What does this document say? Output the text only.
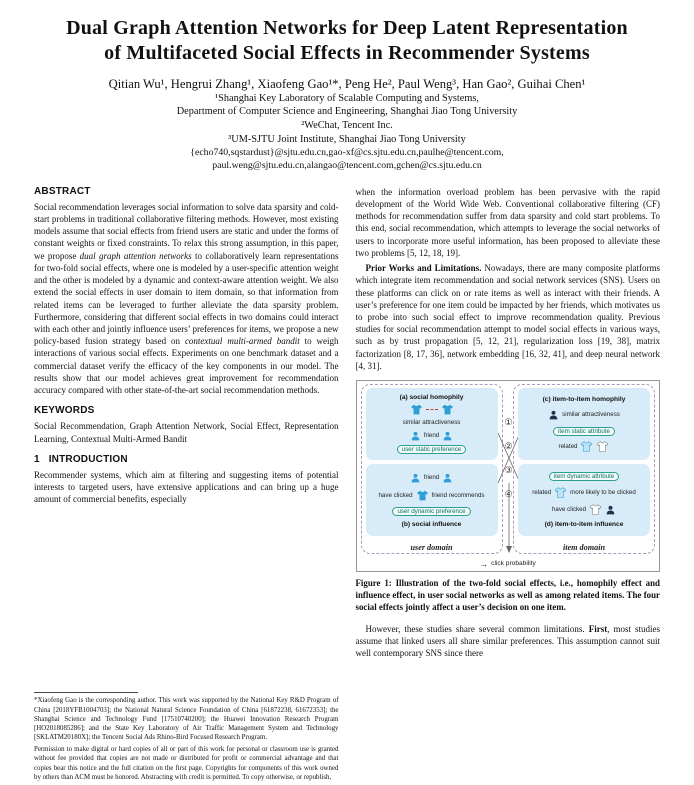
Dual Graph Attention Networks for Deep Latent Representation
of Multifaceted Social Effects in Recommender Systems
Qitian Wu¹, Hengrui Zhang¹, Xiaofeng Gao¹*, Peng He², Paul Weng³, Han Gao², Guihai Chen¹
¹Shanghai Key Laboratory of Scalable Computing and Systems,
Department of Computer Science and Engineering, Shanghai Jiao Tong University
²WeChat, Tencent Inc.
³UM-SJTU Joint Institute, Shanghai Jiao Tong University
{echo740,sqstardust}@sjtu.edu.cn,gao-xf@cs.sjtu.edu.cn,paulhe@tencent.com,
paul.weng@sjtu.edu.cn,alangao@tencent.com,gchen@cs.sjtu.edu.cn
ABSTRACT

Social recommendation leverages social information to solve data sparsity and cold-start problems in traditional collaborative filtering methods. However, most existing models assume that social effects from friend users are static and under the forms of constant weights or fixed constraints. To relax this strong assumption, in this paper, we propose dual graph attention networks to collaboratively learn representations for two-fold social effects, where one is modeled by a user-specific attention weight and the other is modeled by a dynamic and context-aware attention weight. We also extend the social effects in user domain to item domain, so that information from related items can be leveraged to further alleviate the data sparsity problem. Furthermore, considering that different social effects in two domains could interact with each other and jointly influence users’ preferences for items, we propose a new policy-based fusion strategy based on contextual multi-armed bandit to weigh interactions of various social effects. Experiments on one benchmark dataset and a commercial dataset verify the efficacy of the key components in our model. The results show that our model achieves great improvement for recommendation accuracy compared with other state-of-the-art social recommendation methods.

KEYWORDS

Social Recommendation, Graph Attention Network, Social Effect, Representation Learning, Contextual Multi-Armed Bandit

1   INTRODUCTION

Recommender systems, which aim at filtering and suggesting items of potential interests to targeted users, have extensive applications and can bring up a huge amount of commercial benefits, especially

*Xiaofeng Gao is the corresponding author. This work was supported by the National Key R&D Program of China [2018YFB1004703]; the National Natural Science Foundation of China [61872238, 61672353]; the Shanghai Science and Technology Fund [17510740200]; the Huawei Innovation Research Program [HO2018085286]; and the State Key Laboratory of Air Traffic Management System and Technology [SKLATM20180X]; the Tencent Social Ads Rhino-Bird Focused Research Program.

Permission to make digital or hard copies of all or part of this work for personal or classroom use is granted without fee provided that copies are not made or distributed for profit or commercial advantage and that copies bear this notice and the full citation on the first page. Copyrights for components of this work owned by others than ACM must be honored. Abstracting with credit is permitted. To copy otherwise, or republish,

when the information overload problem has been pervasive with the rapid development of the World Wide Web. Conventional collaborative filtering (CF) methods for recommendation suffer from data sparsity and cold start problems. To this end, social recommendation, which attempts to leverage the social networks of users to incorporate more useful information, has been proposed to alleviate these two problems [5, 12, 18, 19].

Prior Works and Limitations. Nowadays, there are many composite platforms which integrate item recommendation and social network services (SNS). Users on these platforms can click on or rate items as well as interact with their friends. A user’s preference for one item could be impacted by her friends, which motivates us to probe into such social effect to improve recommendation quality. Previous studies for social recommendation attempt to model social effects in various ways, such as by trust propagation [5, 12, 21], regularization loss [19, 38], matrix factorization [8, 17, 36], network embedding [16, 32, 41], and deep neural network [4, 31].

(a) social homophily
similar attractiveness
friend
user static preference
friend
have clicked	friend recommends
user dynamic preference
(b) social influence
user domain
①
②
③
④
(c) item-to-item homophily
similar attractiveness
item static attribute
related
item dynamic attribute
related	more likely to be clicked
have clicked
(d) item-to-item influence
item domain
→ click probability

Figure 1: Illustration of the two-fold social effects, i.e., homophily effect and influence effect, in user social networks as well as among related items. The four social effects jointly affect a user’s decision on one item.

However, these studies share several common limitations. First, most studies assume that linked users all share similar preferences. This assumption cannot suit well contemporary SNS since there
